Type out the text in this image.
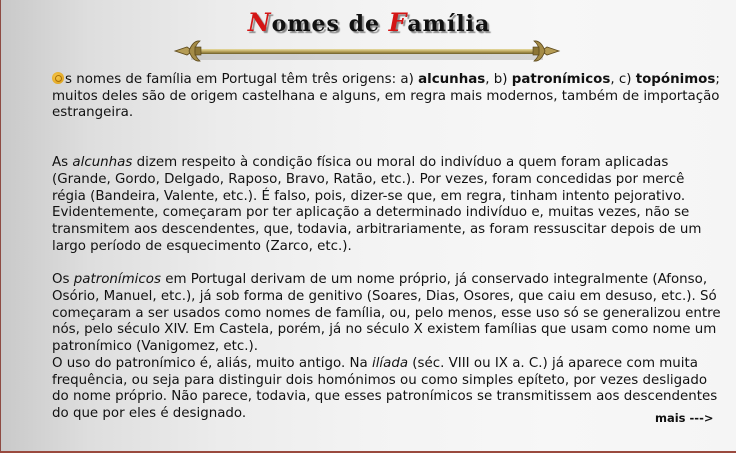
Nomes de Família

s nomes de família em Portugal têm três origens: a) alcunhas, b) patronímicos, c) topónimos; muitos deles são de origem castelhana e alguns, em regra mais modernos, também de importação estrangeira.

As alcunhas dizem respeito à condição física ou moral do indivíduo a quem foram aplicadas (Grande, Gordo, Delgado, Raposo, Bravo, Ratão, etc.). Por vezes, foram concedidas por mercê régia (Bandeira, Valente, etc.). É falso, pois, dizer-se que, em regra, tinham intento pejorativo. Evidentemente, começaram por ter aplicação a determinado indivíduo e, muitas vezes, não se transmitem aos descendentes, que, todavia, arbitrariamente, as foram ressuscitar depois de um largo período de esquecimento (Zarco, etc.).

Os patronímicos em Portugal derivam de um nome próprio, já conservado integralmente (Afonso, Osório, Manuel, etc.), já sob forma de genitivo (Soares, Dias, Osores, que caiu em desuso, etc.). Só começaram a ser usados como nomes de família, ou, pelo menos, esse uso só se generalizou entre nós, pelo século XIV. Em Castela, porém, já no século X existem famílias que usam como nome um patronímico (Vanigomez, etc.).

O uso do patronímico é, aliás, muito antigo. Na ilíada (séc. VIII ou IX a. C.) já aparece com muita frequência, ou seja para distinguir dois homónimos ou como simples epíteto, por vezes desligado do nome próprio. Não parece, todavia, que esses patronímicos se transmitissem aos descendentes do que por eles é designado.	mais --->
